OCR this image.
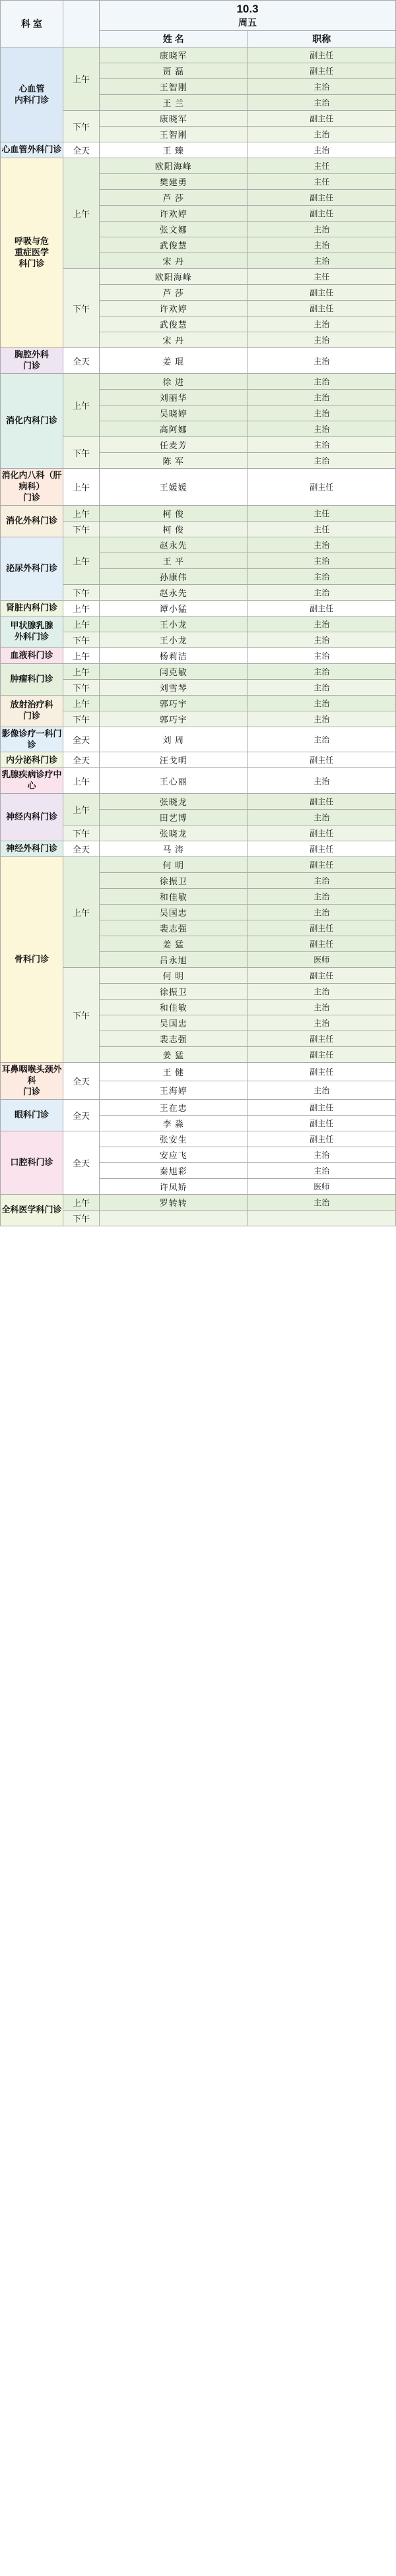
科 室		10.3
周五	

		姓 名	职称
心血管
内科门诊	上午	康晓军	副主任
		贾 磊	副主任
		王智刚	主治
		王 兰	主治
	下午	康晓军	副主任
		王智刚	主治
心血管外科门诊	全天	王 臻	主治
呼吸与危
重症医学
科门诊	上午	欧阳海峰	主任
		樊建勇	主任
		芦 莎	副主任
		许欢婷	副主任
		张文娜	主治
		武俊慧	主治
		宋 丹	主治
	下午	欧阳海峰	主任
		芦 莎	副主任
		许欢婷	副主任
		武俊慧	主治
		宋 丹	主治
胸腔外科
门诊	全天	姜 琨	主治
消化内科门诊	上午	徐 进	主治
		刘丽华	主治
		吴晓婷	主治
		高阿娜	主治
	下午	任麦芳	主治
		陈 军	主治
消化内八科（肝病科）
门诊	上午	王媛媛	副主任
消化外科门诊	上午	柯 俊	主任
	下午	柯 俊	主任
泌尿外科门诊	上午	赵永先	主治
		王 平	主治
		孙康伟	主治
	下午	赵永先	主治
肾脏内科门诊	上午	谭小猛	副主任
甲状腺乳腺
外科门诊	上午	王小龙	主治
	下午	王小龙	主治
血液科门诊	上午	杨莉洁	主治
肿瘤科门诊	上午	闫克敏	主治
	下午	刘雪琴	主治
放射治疗科
门诊	上午	郭巧宇	主治
	下午	郭巧宇	主治
影像诊疗一科门诊	全天	刘 周	主治
内分泌科门诊	全天	汪戈明	副主任
乳腺疾病诊疗中心	上午	王心丽	主治
神经内科门诊	上午	张晓龙	副主任
		田艺博	主治
	下午	张晓龙	副主任
神经外科门诊	全天	马 涛	副主任
骨科门诊	上午	何 明	副主任
		徐振卫	主治
		和佳敏	主治
		吴国忠	主治
		裴志强	副主任
		姜 猛	副主任
		吕永旭	医师
	下午	何 明	副主任
		徐振卫	主治
		和佳敏	主治
		吴国忠	主治
		裴志强	副主任
		姜 猛	副主任
耳鼻咽喉头颈外科
门诊	全天	王 健	副主任
		王海婷	主治
眼科门诊	全天	王在忠	副主任
		李 淼	副主任
口腔科门诊	全天	张安生	副主任
		安应飞	主治
		秦旭彩	主治
		许凤娇	医师
全科医学科门诊	上午	罗转转	主治
	下午		
